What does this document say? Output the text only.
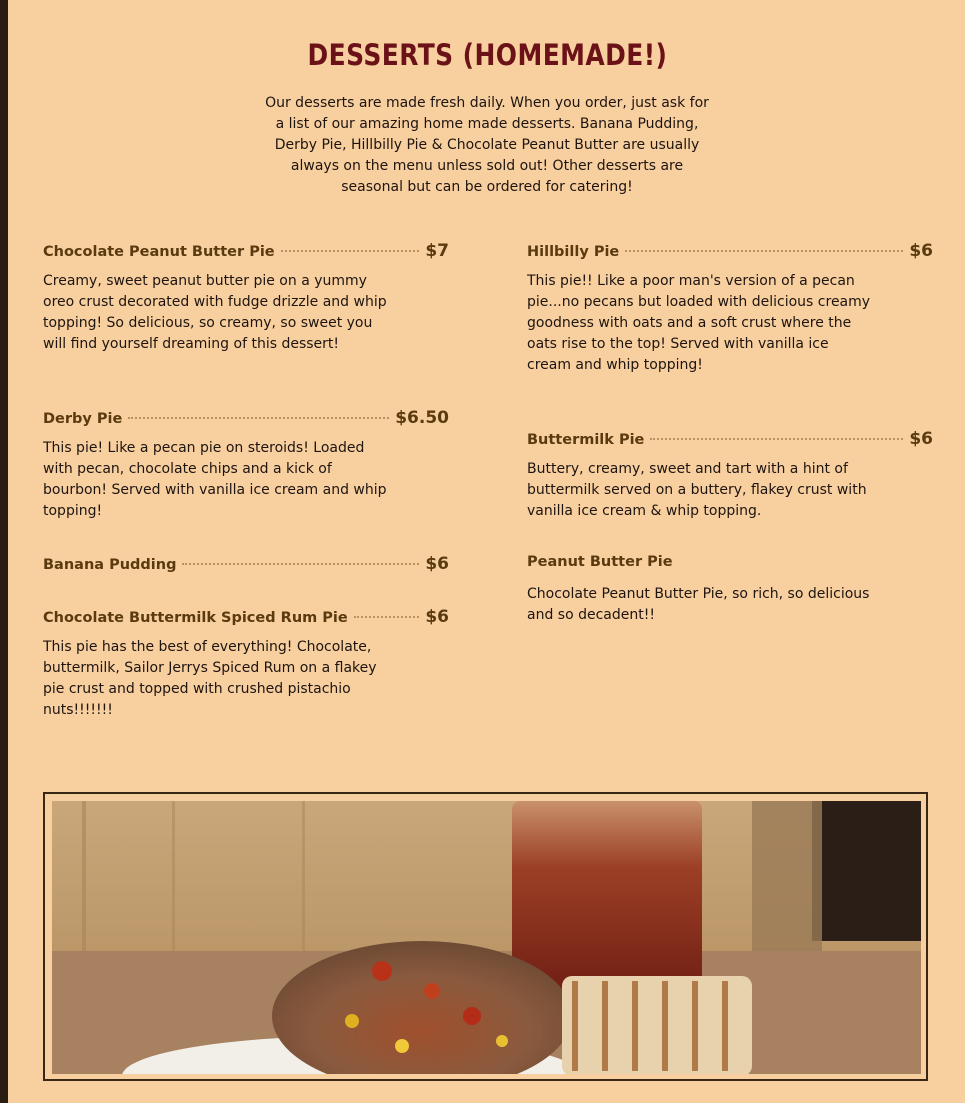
DESSERTS (HOMEMADE!)

Our desserts are made fresh daily. When you order, just ask for a list of our amazing home made desserts. Banana Pudding, Derby Pie, Hillbilly Pie & Chocolate Peanut Butter are usually always on the menu unless sold out! Other desserts are seasonal but can be ordered for catering!

Chocolate Peanut Butter Pie	$7
Creamy, sweet peanut butter pie on a yummy oreo crust decorated with fudge drizzle and whip topping! So delicious, so creamy, so sweet you will find yourself dreaming of this dessert!
Derby Pie	$6.50
This pie! Like a pecan pie on steroids! Loaded with pecan, chocolate chips and a kick of bourbon! Served with vanilla ice cream and whip topping!
Banana Pudding	$6
Chocolate Buttermilk Spiced Rum Pie	$6
This pie has the best of everything! Chocolate, buttermilk, Sailor Jerrys Spiced Rum on a flakey pie crust and topped with crushed pistachio nuts!!!!!!!
Hillbilly Pie	$6
This pie!! Like a poor man's version of a pecan pie...no pecans but loaded with delicious creamy goodness with oats and a soft crust where the oats rise to the top! Served with vanilla ice cream and whip topping!
Buttermilk Pie	$6
Buttery, creamy, sweet and tart with a hint of buttermilk served on a buttery, flakey crust with vanilla ice cream & whip topping.
Peanut Butter Pie
Chocolate Peanut Butter Pie, so rich, so delicious and so decadent!!
